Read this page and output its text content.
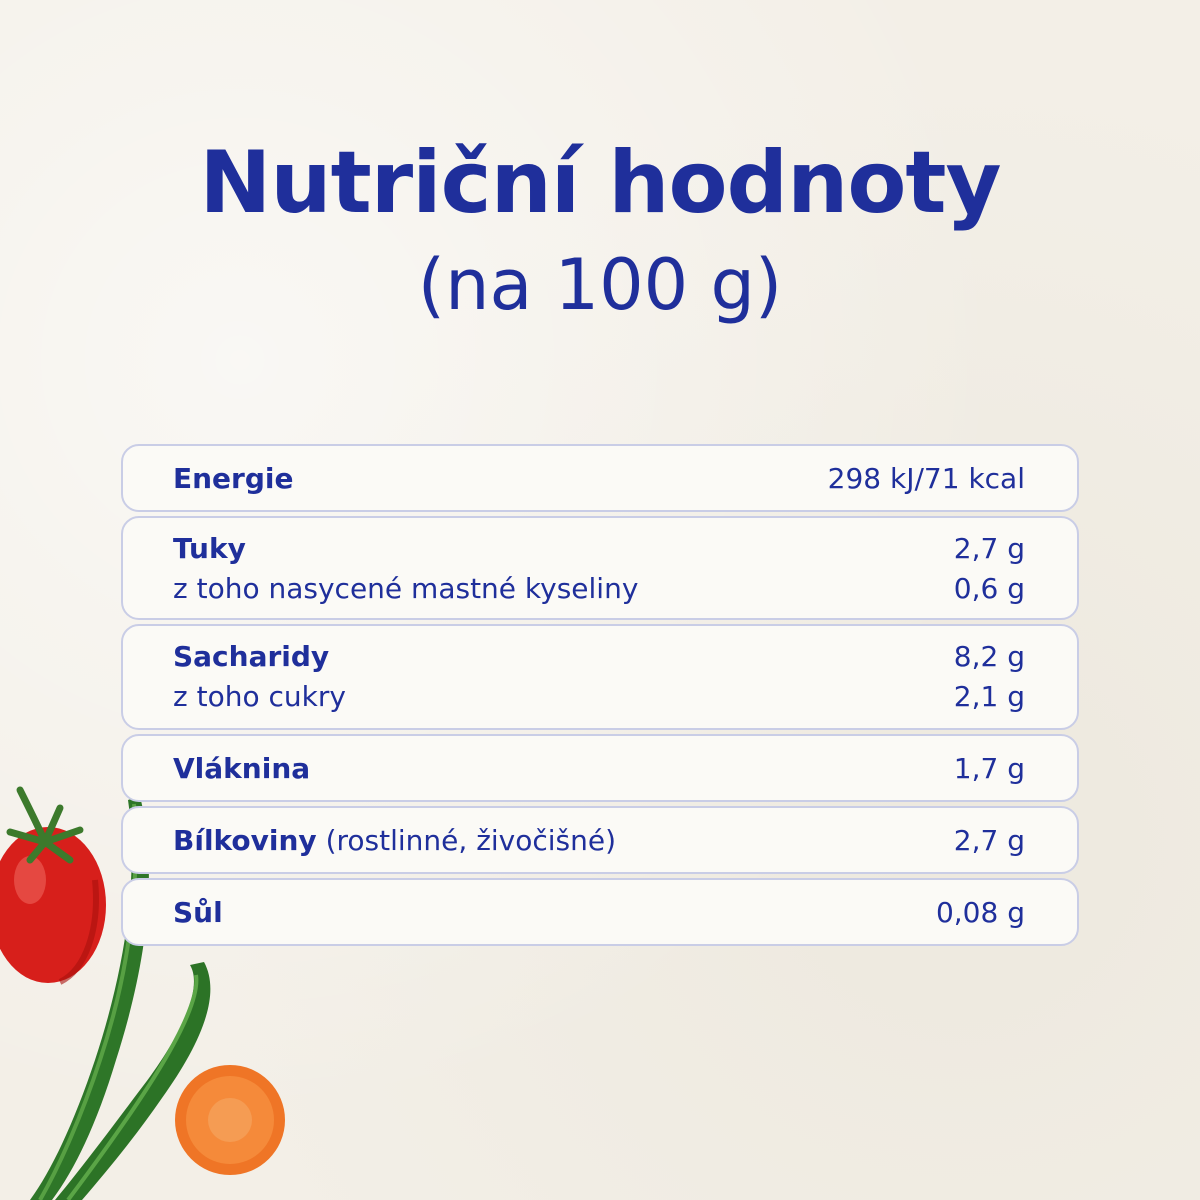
Nutriční hodnoty
(na 100 g)
Energie	298 kJ/71 kcal
Tuky	2,7 g
z toho nasycené mastné kyseliny	0,6 g
Sacharidy	8,2 g
z toho cukry	2,1 g
Vláknina	1,7 g
Bílkoviny (rostlinné, živočišné)	2,7 g
Sůl	0,08 g
